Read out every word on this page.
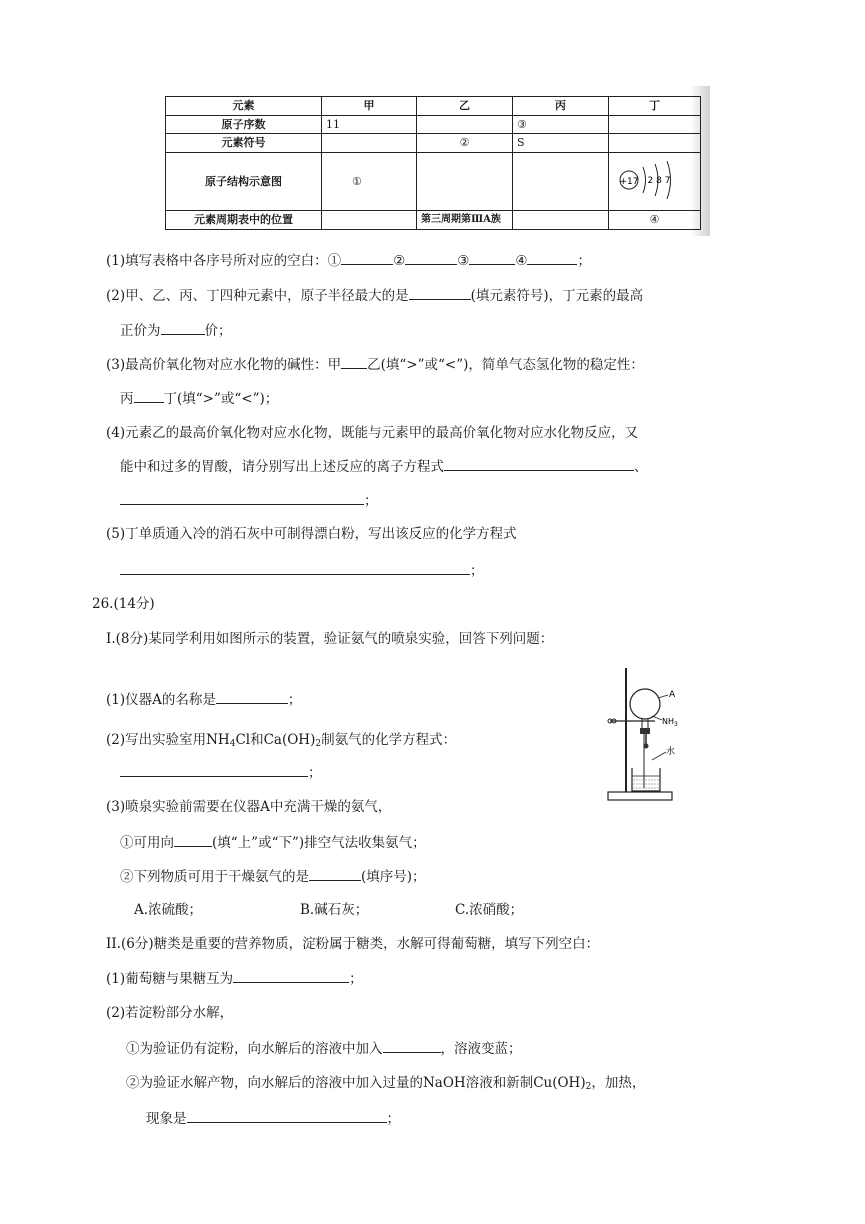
元素	甲	乙	丙	丁
原子序数	11		③	
元素符号		②	S	
原子结构示意图	①			+17 2 8 7

元素周期表中的位置		第三周期第ⅢA族		④
(1)填写表格中各序号所对应的空白：①	②	③	④	；
(2)甲、乙、丙、丁四种元素中，原子半径最大的是	(填元素符号)，丁元素的最高
正价为	价；
(3)最高价氧化物对应水化物的碱性：甲 乙(填“>”或“<”)，简单气态氢化物的稳定性：
丙 丁(填“>”或“<”)；
(4)元素乙的最高价氧化物对应水化物，既能与元素甲的最高价氧化物对应水化物反应，又
能中和过多的胃酸，请分别写出上述反应的离子方程式	、
；
(5)丁单质通入冷的消石灰中可制得漂白粉，写出该反应的化学方程式
；
26.(14分)
I.(8分)某同学利用如图所示的装置，验证氨气的喷泉实验，回答下列问题：
(1)仪器A的名称是	；
(2)写出实验室用$NH_4Cl$和$Ca(OH)_2$制氨气的化学方程式：
；
(3)喷泉实验前需要在仪器A中充满干燥的氨气，
①可用向	(填“上”或“下”)排空气法收集氨气；
②下列物质可用于干燥氨气的是	(填序号)；
A.浓硫酸；	B.碱石灰；	C.浓硝酸；
II.(6分)糖类是重要的营养物质，淀粉属于糖类，水解可得葡萄糖，填写下列空白：
(1)葡萄糖与果糖互为	；
(2)若淀粉部分水解，
①为验证仍有淀粉，向水解后的溶液中加入	，溶液变蓝；
②为验证水解产物，向水解后的溶液中加入过量的NaOH溶液和新制$Cu(OH)_2$，加热，
现象是	；
A
$NH_3$
水
